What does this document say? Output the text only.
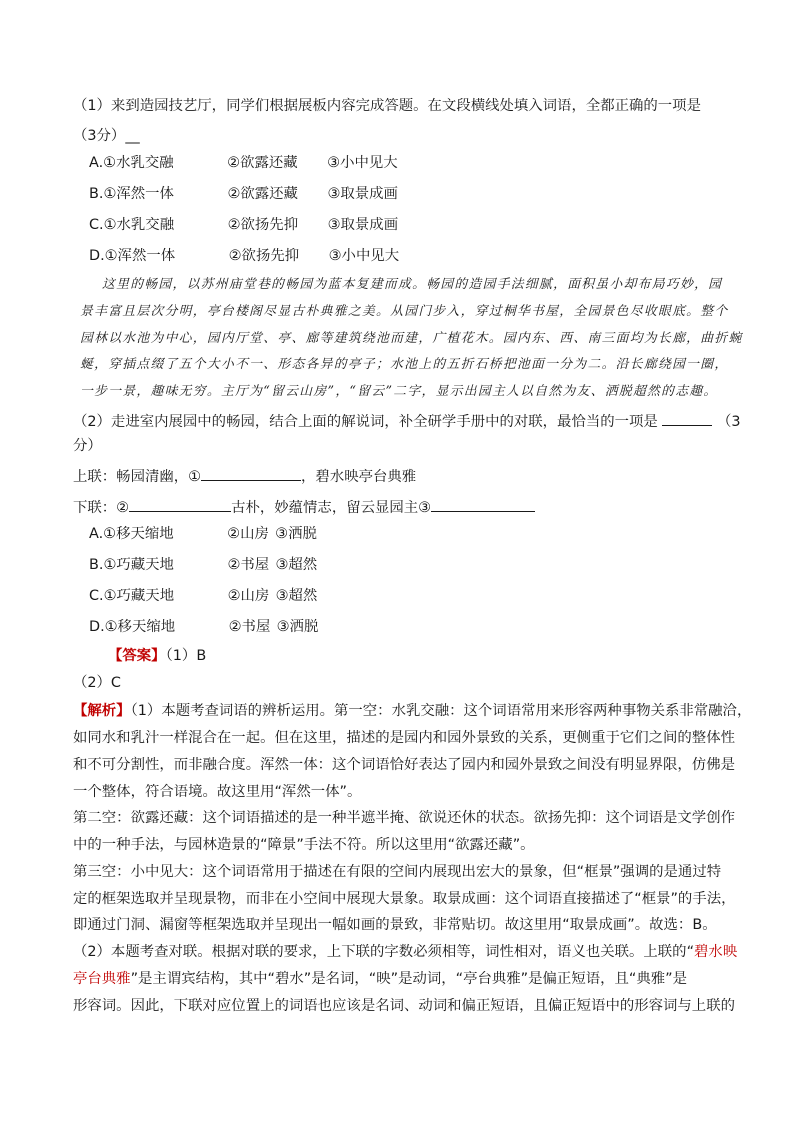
（1）来到造园技艺厅，同学们根据展板内容完成答题。在文段横线处填入词语，全都正确的一项是
（3分）__
A.①水乳交融	②欲露还藏 ③小中见大
B.①浑然一体	②欲露还藏 ③取景成画
C.①水乳交融	②欲扬先抑 ③取景成画
D.①浑然一体	②欲扬先抑 ③小中见大
这里的畅园，以苏州庙堂巷的畅园为蓝本复建而成。畅园的造园手法细腻，面积虽小却布局巧妙，园
景丰富且层次分明，亭台楼阁尽显古朴典雅之美。从园门步入，穿过桐华书屋，全园景色尽收眼底。整个
园林以水池为中心，园内厅堂、亭、廊等建筑绕池而建，广植花木。园内东、西、南三面均为长廊，曲折蜿
蜒，穿插点缀了五个大小不一、形态各异的亭子；水池上的五折石桥把池面一分为二。沿长廊绕园一圈，
一步一景，趣味无穷。主厅为“留云山房”，“留云”二字，显示出园主人以自然为友、洒脱超然的志趣。
（2）走进室内展园中的畅园，结合上面的解说词，补全研学手册中的对联，最恰当的一项是	（3
分）
上联：畅园清幽，①	，碧水映亭台典雅
下联：②	古朴，妙蕴情志，留云显园主③
A.①移天缩地	②山房 ③洒脱
B.①巧藏天地	②书屋 ③超然
C.①巧藏天地	②山房 ③超然
D.①移天缩地	②书屋 ③洒脱
【答案】（1）B
（2）C
【解析】（1）本题考查词语的辨析运用。第一空：水乳交融：这个词语常用来形容两种事物关系非常融洽，
如同水和乳汁一样混合在一起。但在这里，描述的是园内和园外景致的关系，更侧重于它们之间的整体性
和不可分割性，而非融合度。浑然一体：这个词语恰好表达了园内和园外景致之间没有明显界限，仿佛是
一个整体，符合语境。故这里用“浑然一体”。
第二空：欲露还藏：这个词语描述的是一种半遮半掩、欲说还休的状态。欲扬先抑：这个词语是文学创作
中的一种手法，与园林造景的“障景”手法不符。所以这里用“欲露还藏”。
第三空：小中见大：这个词语常用于描述在有限的空间内展现出宏大的景象，但“框景”强调的是通过特
定的框架选取并呈现景物，而非在小空间中展现大景象。取景成画：这个词语直接描述了“框景”的手法，
即通过门洞、漏窗等框架选取并呈现出一幅如画的景致，非常贴切。故这里用“取景成画”。故选：B。
（2）本题考查对联。根据对联的要求，上下联的字数必须相等，词性相对，语义也关联。上联的“碧水映
亭台典雅”是主谓宾结构，其中“碧水”是名词，“映”是动词，“亭台典雅”是偏正短语，且“典雅”是
形容词。因此，下联对应位置上的词语也应该是名词、动词和偏正短语，且偏正短语中的形容词与上联的
